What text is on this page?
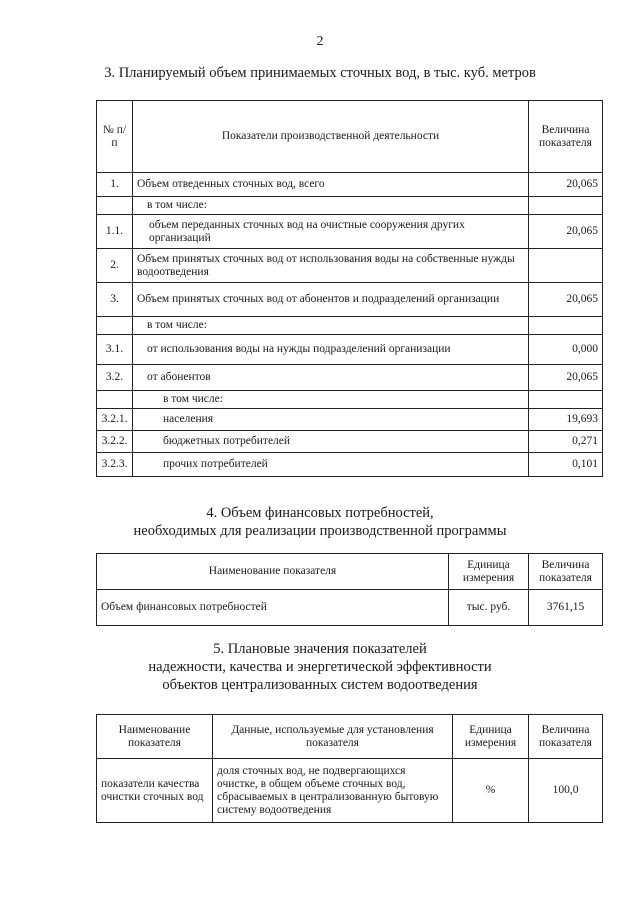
2
3. Планируемый объем принимаемых сточных вод, в тыс. куб. метров
№ п/п	Показатели производственной деятельности	Величина показателя
1.	Объем отведенных сточных вод, всего	20,065
	в том числе:	
1.1.	объем переданных сточных вод на очистные сооружения других организаций	20,065
2.	Объем принятых сточных вод от использования воды на собственные нужды водоотведения	
3.	Объем принятых сточных вод от абонентов и подразделений организации	20,065
	в том числе:	
3.1.	от использования воды на нужды подразделений организации	0,000
3.2.	от абонентов	20,065
	в том числе:	
3.2.1.	населения	19,693
3.2.2.	бюджетных потребителей	0,271
3.2.3.	прочих потребителей	0,101
4. Объем финансовых потребностей,
необходимых для реализации производственной программы
Наименование показателя	Единица измерения	Величина показателя
Объем финансовых потребностей	тыс. руб.	3761,15
5. Плановые значения показателей
надежности, качества и энергетической эффективности
объектов централизованных систем водоотведения
Наименование показателя	Данные, используемые для установления показателя	Единица измерения	Величина показателя
показатели качества очистки сточных вод	доля сточных вод, не подвергающихся очистке, в общем объеме сточных вод, сбрасываемых в централизованную бытовую систему водоотведения	%	100,0
